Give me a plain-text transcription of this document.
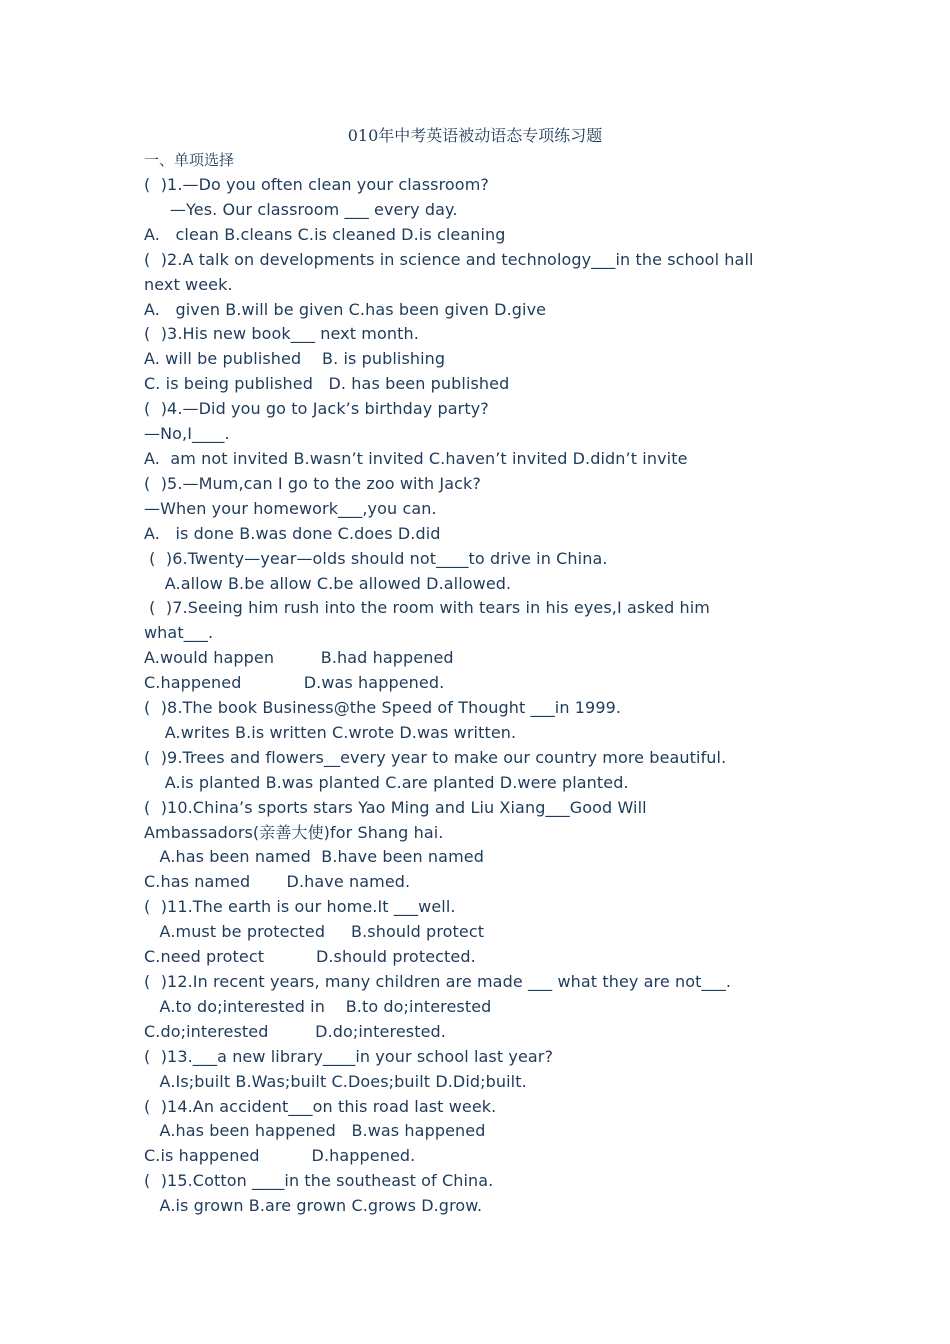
010年中考英语被动语态专项练习题
一、单项选择
(  )1.—Do you often clean your classroom?
—Yes. Our classroom ___ every day.
A.   clean B.cleans C.is cleaned D.is cleaning
(  )2.A talk on developments in science and technology___in the school hall
next week.
A.   given B.will be given C.has been given D.give
(  )3.His new book___ next month.
A. will be published    B. is publishing
C. is being published   D. has been published
(  )4.—Did you go to Jack’s birthday party?
—No,I____.
A.  am not invited B.wasn’t invited C.haven’t invited D.didn’t invite
(  )5.—Mum,can I go to the zoo with Jack?
—When your homework___,you can.
A.   is done B.was done C.does D.did
(  )6.Twenty—year—olds should not____to drive in China.
A.allow B.be allow C.be allowed D.allowed.
(  )7.Seeing him rush into the room with tears in his eyes,I asked him
what___.
A.would happen         B.had happened
C.happened            D.was happened.
(  )8.The book Business@the Speed of Thought ___in 1999.
A.writes B.is written C.wrote D.was written.
(  )9.Trees and flowers__every year to make our country more beautiful.
A.is planted B.was planted C.are planted D.were planted.
(  )10.China’s sports stars Yao Ming and Liu Xiang___Good Will
Ambassadors(亲善大使)for Shang hai.
A.has been named  B.have been named
C.has named       D.have named.
(  )11.The earth is our home.It ___well.
A.must be protected     B.should protect
C.need protect          D.should protected.
(  )12.In recent years, many children are made ___ what they are not___.
A.to do;interested in    B.to do;interested
C.do;interested         D.do;interested.
(  )13.___a new library____in your school last year?
A.Is;built B.Was;built C.Does;built D.Did;built.
(  )14.An accident___on this road last week.
A.has been happened   B.was happened
C.is happened          D.happened.
(  )15.Cotton ____in the southeast of China.
A.is grown B.are grown C.grows D.grow.
